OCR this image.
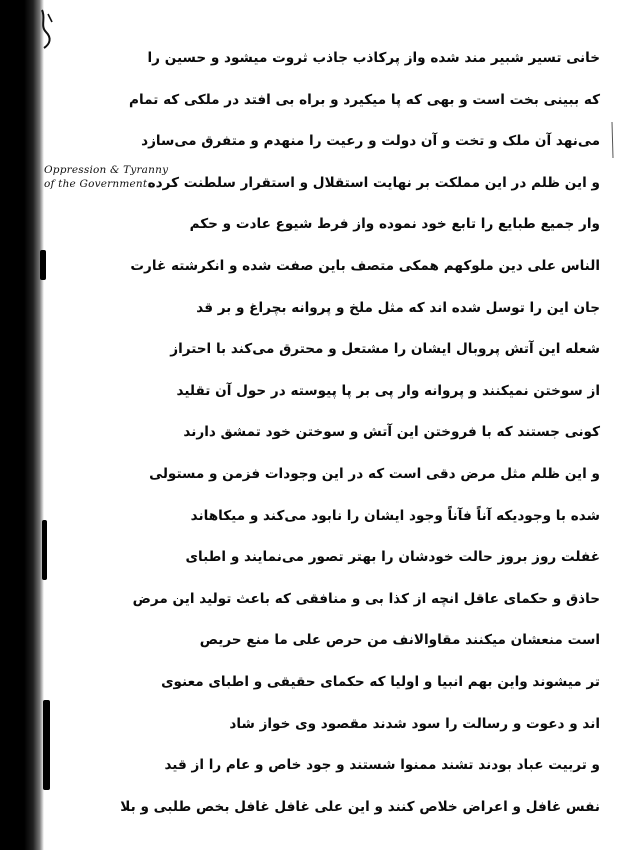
Oppression & Tyranny
of the Government.
خانی تسیر شبیر مند شده واز پرکاذب جاذب ثروت میشود و حسین را
که ببینی بخت است و بهی که پا میکیرد و براه بی افتد در ملکی که تمام
می‌نهد آن ملک و تخت و آن دولت و رعیت را منهدم و متفرق می‌سازد
و این ظلم در این مملکت بر نهایت استقلال و استقرار سلطنت کرده
وار جمیع طبایع را تابع خود نموده واز فرط شیوع عادت و حکم
الناس علی دین ملوکهم همکی متصف باین صفت شده و انکرشته غارت
جان این را توسل شده اند که مثل ملخ و پروانه بچراغ و بر قد
شعله این آتش پروبال ایشان را مشتعل و محترق می‌کند با احتراز
از سوختن نمیکنند و پروانه وار پی بر پا پیوسته در حول آن تقلید
کونی جستند که با فروختن این آتش و سوختن خود تمشق دارند
و این ظلم مثل مرض دقی است که در این وجودات فزمن و مستولی
شده با وجودیکه آناً فآناً وجود ایشان را نابود می‌کند و میکاهاند
غفلت روز بروز حالت خودشان را بهتر تصور می‌نمایند و اطبای
حاذق و حکمای عاقل انچه از کذا بی و منافقی که باعث تولید این مرض
است منعشان میکنند مقاوالانف من حرص علی ما منع حریص
تر میشوند واین بهم انبیا و اولیا که حکمای حقیقی و اطبای معنوی
اند و دعوت و رسالت را سود شدند مقصود وی خواز شاد
و تربیت عباد بودند تشند ممنوا شستند و جود خاص و عام را از قید
نفس غافل و اعراض خلاص کنند و این علی غافل غافل بخص طلبی و بلا
